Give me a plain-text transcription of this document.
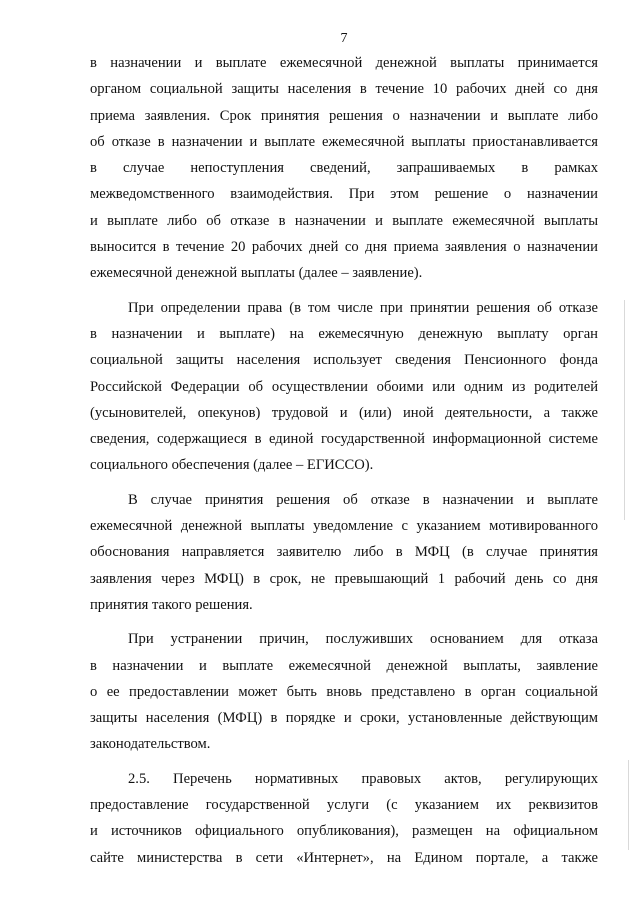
7
в назначении и выплате ежемесячной денежной выплаты принимается
органом социальной защиты населения в течение 10 рабочих дней со дня
приема заявления. Срок принятия решения о назначении и выплате либо
об отказе в назначении и выплате ежемесячной выплаты приостанавливается
в случае непоступления сведений, запрашиваемых в рамках
межведомственного взаимодействия. При этом решение о назначении
и выплате либо об отказе в назначении и выплате ежемесячной выплаты
выносится в течение 20 рабочих дней со дня приема заявления о назначении
ежемесячной денежной выплаты (далее – заявление).
При определении права (в том числе при принятии решения об отказе
в назначении и выплате) на ежемесячную денежную выплату орган
социальной защиты населения использует сведения Пенсионного фонда
Российской Федерации об осуществлении обоими или одним из родителей
(усыновителей, опекунов) трудовой и (или) иной деятельности, а также
сведения, содержащиеся в единой государственной информационной системе
социального обеспечения (далее – ЕГИССО).
В случае принятия решения об отказе в назначении и выплате
ежемесячной денежной выплаты уведомление с указанием мотивированного
обоснования направляется заявителю либо в МФЦ (в случае принятия
заявления через МФЦ) в срок, не превышающий 1 рабочий день со дня
принятия такого решения.
При устранении причин, послуживших основанием для отказа
в назначении и выплате ежемесячной денежной выплаты, заявление
о ее предоставлении может быть вновь представлено в орган социальной
защиты населения (МФЦ) в порядке и сроки, установленные действующим
законодательством.
2.5. Перечень нормативных правовых актов, регулирующих
предоставление государственной услуги (с указанием их реквизитов
и источников официального опубликования), размещен на официальном
сайте министерства в сети «Интернет», на Едином портале, а также
